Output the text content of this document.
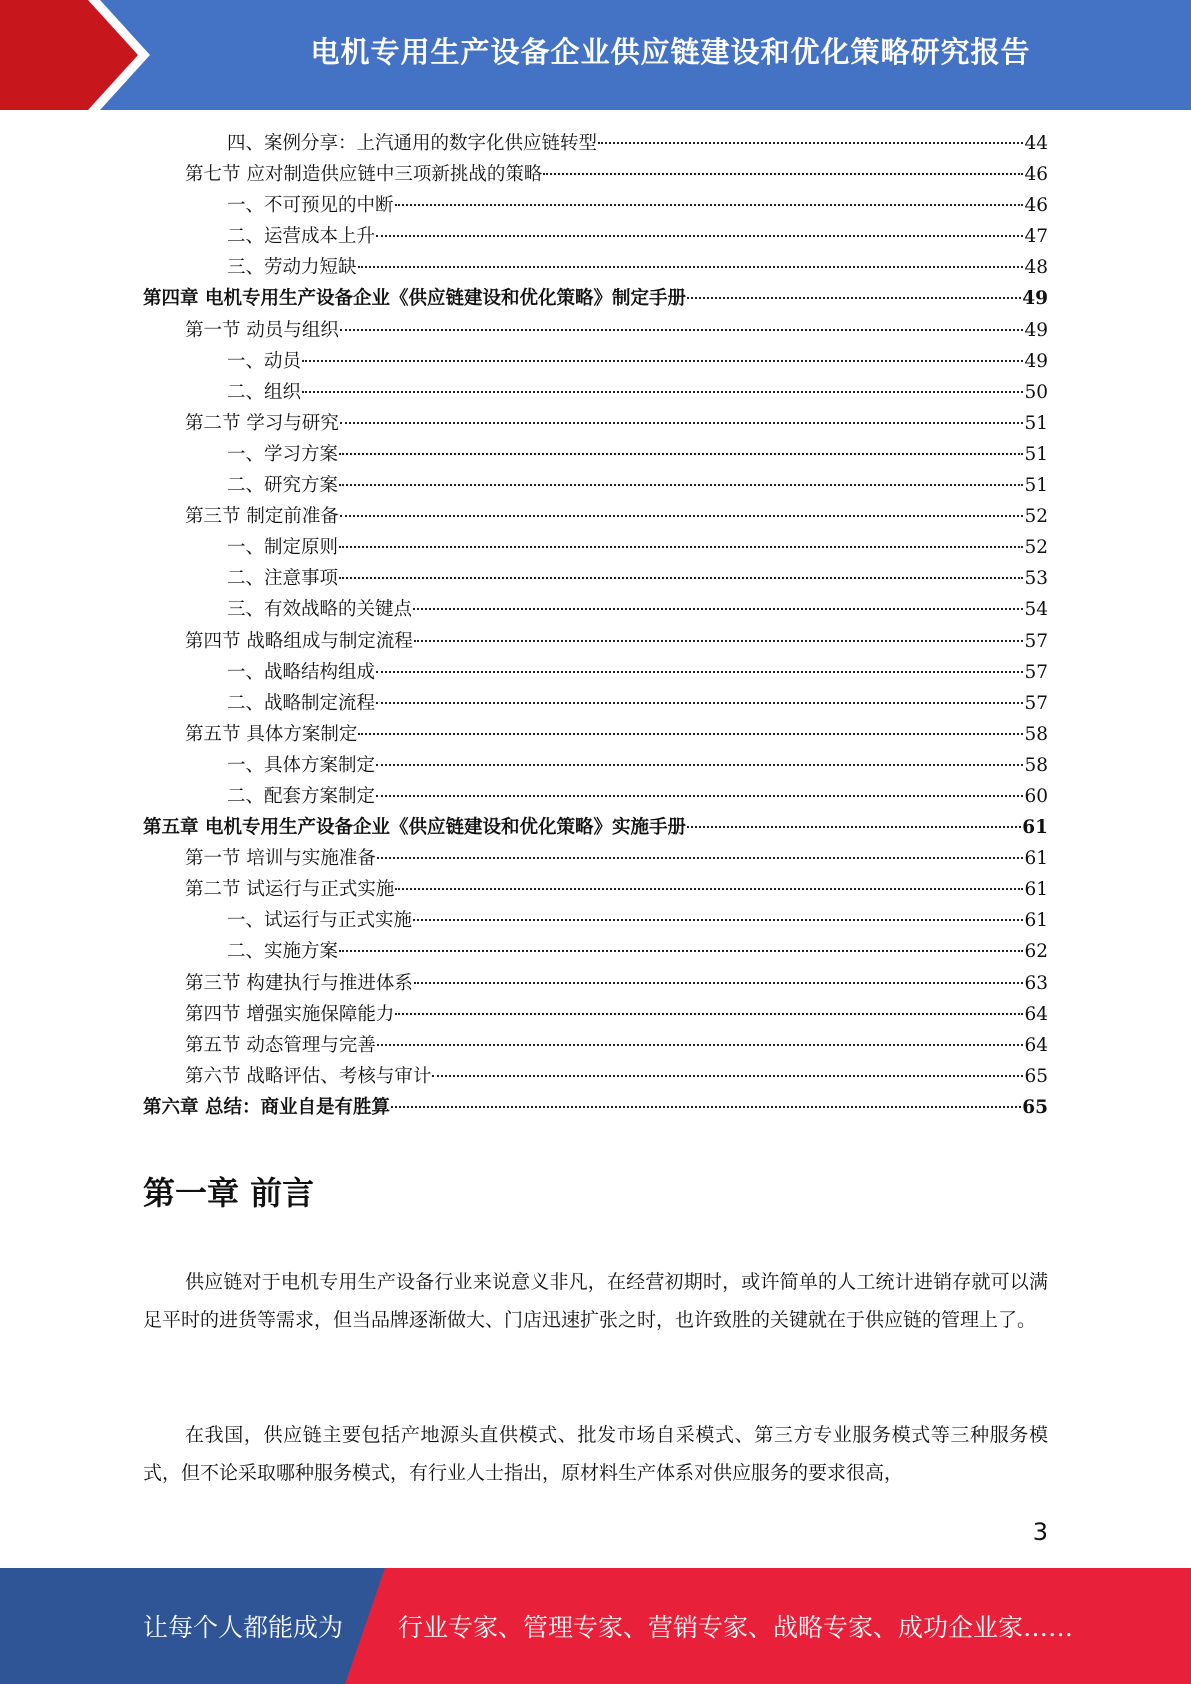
电机专用生产设备企业供应链建设和优化策略研究报告
四、案例分享：上汽通用的数字化供应链转型	44
第七节 应对制造供应链中三项新挑战的策略	46
一、不可预见的中断	46
二、运营成本上升	47
三、劳动力短缺	48
第四章 电机专用生产设备企业《供应链建设和优化策略》制定手册	49
第一节 动员与组织	49
一、动员	49
二、组织	50
第二节 学习与研究	51
一、学习方案	51
二、研究方案	51
第三节 制定前准备	52
一、制定原则	52
二、注意事项	53
三、有效战略的关键点	54
第四节 战略组成与制定流程	57
一、战略结构组成	57
二、战略制定流程	57
第五节 具体方案制定	58
一、具体方案制定	58
二、配套方案制定	60
第五章 电机专用生产设备企业《供应链建设和优化策略》实施手册	61
第一节 培训与实施准备	61
第二节 试运行与正式实施	61
一、试运行与正式实施	61
二、实施方案	62
第三节 构建执行与推进体系	63
第四节 增强实施保障能力	64
第五节 动态管理与完善	64
第六节 战略评估、考核与审计	65
第六章 总结：商业自是有胜算	65
第一章 前言

供应链对于电机专用生产设备行业来说意义非凡，在经营初期时，或许简单的人工统计进销存就可以满足平时的进货等需求，但当品牌逐渐做大、门店迅速扩张之时，也许致胜的关键就在于供应链的管理上了。

在我国，供应链主要包括产地源头直供模式、批发市场自采模式、第三方专业服务模式等三种服务模式，但不论采取哪种服务模式，有行业人士指出，原材料生产体系对供应服务的要求很高，

3
让每个人都能成为 行业专家、管理专家、营销专家、战略专家、成功企业家……
